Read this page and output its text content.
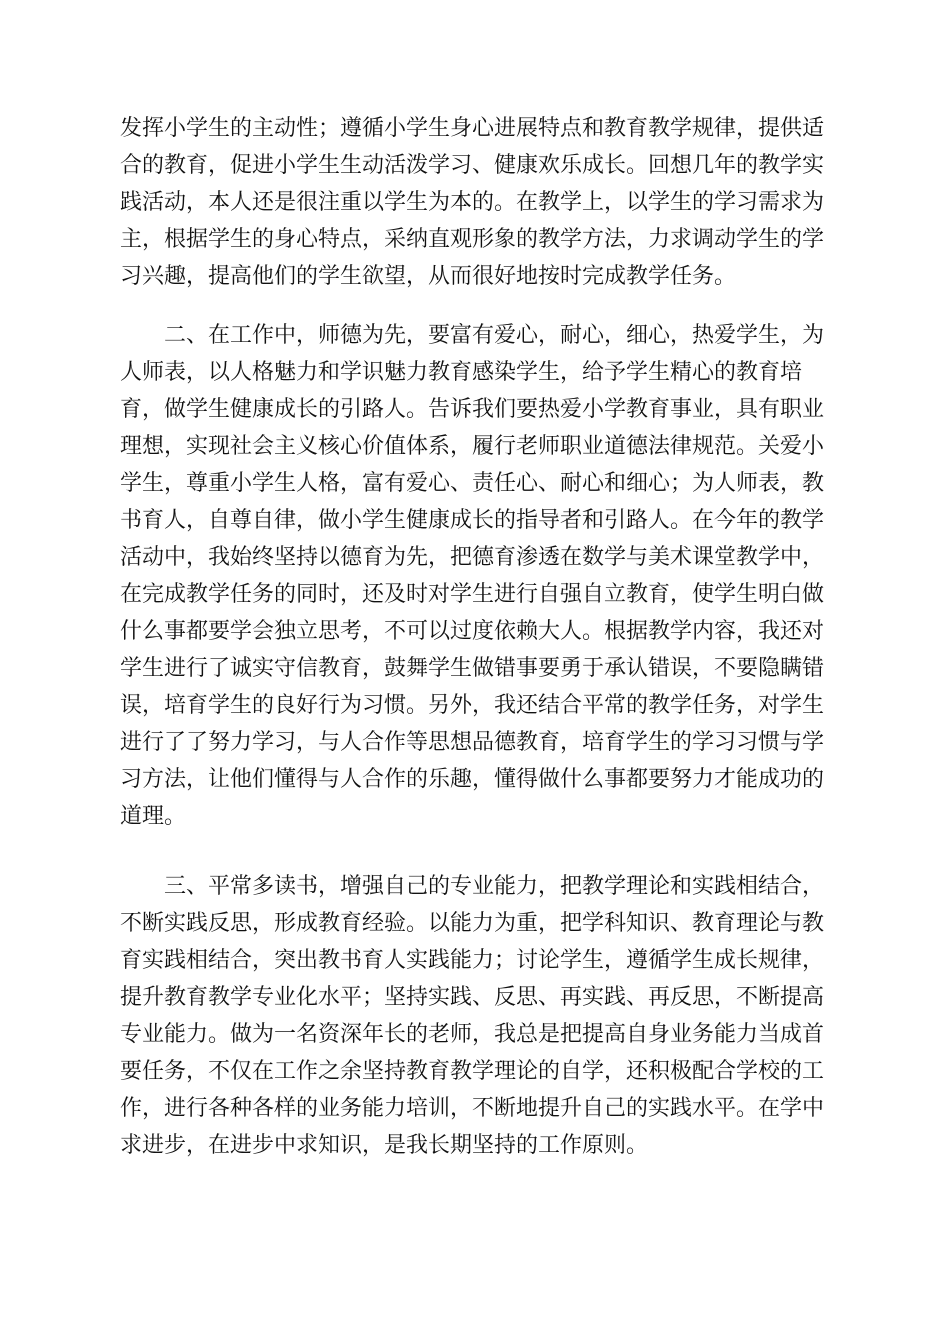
发挥小学生的主动性；遵循小学生身心进展特点和教育教学规律，提供适
合的教育，促进小学生生动活泼学习、健康欢乐成长。回想几年的教学实
践活动，本人还是很注重以学生为本的。在教学上，以学生的学习需求为
主，根据学生的身心特点，采纳直观形象的教学方法，力求调动学生的学
习兴趣，提高他们的学生欲望，从而很好地按时完成教学任务。
二、在工作中，师德为先，要富有爱心，耐心，细心，热爱学生，为
人师表，以人格魅力和学识魅力教育感染学生，给予学生精心的教育培
育，做学生健康成长的引路人。告诉我们要热爱小学教育事业，具有职业
理想，实现社会主义核心价值体系，履行老师职业道德法律规范。关爱小
学生，尊重小学生人格，富有爱心、责任心、耐心和细心；为人师表，教
书育人，自尊自律，做小学生健康成长的指导者和引路人。在今年的教学
活动中，我始终坚持以德育为先，把德育渗透在数学与美术课堂教学中，
在完成教学任务的同时，还及时对学生进行自强自立教育，使学生明白做
什么事都要学会独立思考，不可以过度依赖大人。根据教学内容，我还对
学生进行了诚实守信教育，鼓舞学生做错事要勇于承认错误，不要隐瞒错
误，培育学生的良好行为习惯。另外，我还结合平常的教学任务，对学生
进行了了努力学习，与人合作等思想品德教育，培育学生的学习习惯与学
习方法，让他们懂得与人合作的乐趣，懂得做什么事都要努力才能成功的
道理。
三、平常多读书，增强自己的专业能力，把教学理论和实践相结合，
不断实践反思，形成教育经验。以能力为重，把学科知识、教育理论与教
育实践相结合，突出教书育人实践能力；讨论学生，遵循学生成长规律，
提升教育教学专业化水平；坚持实践、反思、再实践、再反思，不断提高
专业能力。做为一名资深年长的老师，我总是把提高自身业务能力当成首
要任务，不仅在工作之余坚持教育教学理论的自学，还积极配合学校的工
作，进行各种各样的业务能力培训，不断地提升自己的实践水平。在学中
求进步，在进步中求知识，是我长期坚持的工作原则。
